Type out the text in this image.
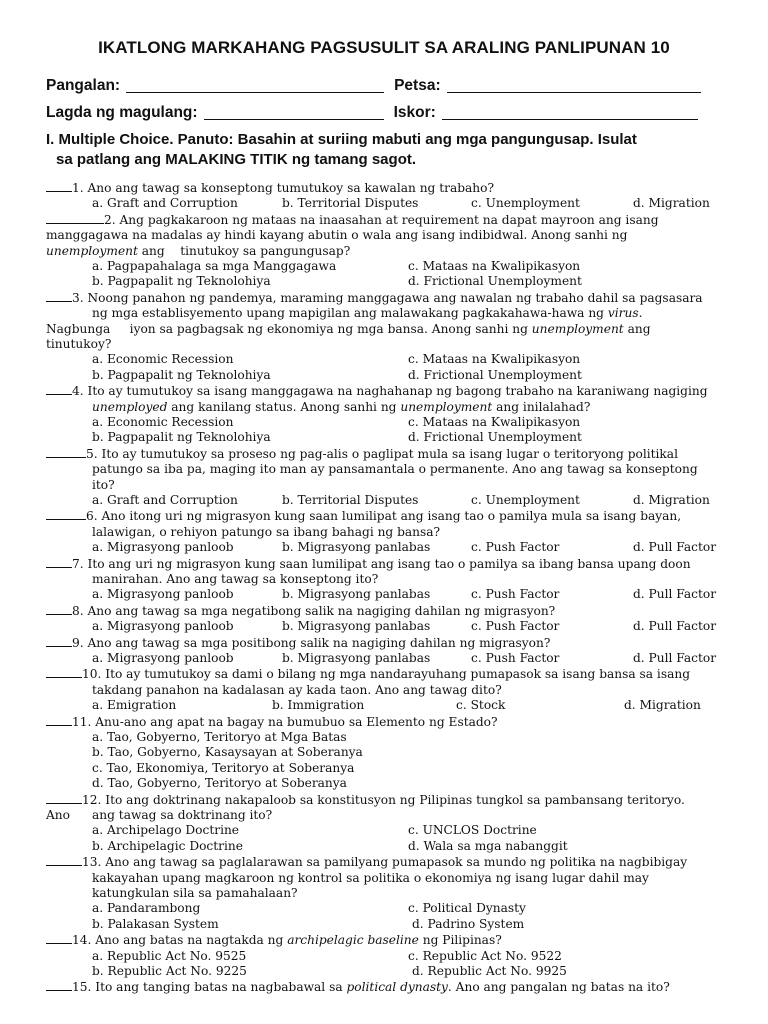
IKATLONG MARKAHANG PAGSUSULIT SA ARALING PANLIPUNAN 10
Pangalan:	Petsa:
Lagda ng magulang:	Iskor:
I. Multiple Choice. Panuto: Basahin at suriing mabuti ang mga pangungusap. Isulat
sa patlang ang MALAKING TITIK ng tamang sagot.
1. Ano ang tawag sa konseptong tumutukoy sa kawalan ng trabaho?
a. Graft and Corruption	b. Territorial Disputes	c. Unemployment	d. Migration
2. Ang pagkakaroon ng mataas na inaasahan at requirement na dapat mayroon ang isang
manggagawa na madalas ay hindi kayang abutin o wala ang isang indibidwal. Anong sanhi ng
unemployment ang    tinutukoy sa pangungusap?
a. Pagpapahalaga sa mga Manggagawa	c. Mataas na Kwalipikasyon
b. Pagpapalit ng Teknolohiya	d. Frictional Unemployment
3. Noong panahon ng pandemya, maraming manggagawa ang nawalan ng trabaho dahil sa pagsasara
ng mga establisyemento upang mapigilan ang malawakang pagkakahawa-hawa ng virus.
Nagbunga     iyon sa pagbagsak ng ekonomiya ng mga bansa. Anong sanhi ng unemployment ang
tinutukoy?
a. Economic Recession	c. Mataas na Kwalipikasyon
b. Pagpapalit ng Teknolohiya	d. Frictional Unemployment
4. Ito ay tumutukoy sa isang manggagawa na naghahanap ng bagong trabaho na karaniwang nagiging
unemployed ang kanilang status. Anong sanhi ng unemployment ang inilalahad?
a. Economic Recession	c. Mataas na Kwalipikasyon
b. Pagpapalit ng Teknolohiya	d. Frictional Unemployment
5. Ito ay tumutukoy sa proseso ng pag-alis o paglipat mula sa isang lugar o teritoryong politikal
patungo sa iba pa, maging ito man ay pansamantala o permanente. Ano ang tawag sa konseptong
ito?
a. Graft and Corruption	b. Territorial Disputes	c. Unemployment	d. Migration
6. Ano itong uri ng migrasyon kung saan lumilipat ang isang tao o pamilya mula sa isang bayan,
lalawigan, o rehiyon patungo sa ibang bahagi ng bansa?
a. Migrasyong panloob	b. Migrasyong panlabas	c. Push Factor	d. Pull Factor
7. Ito ang uri ng migrasyon kung saan lumilipat ang isang tao o pamilya sa ibang bansa upang doon
manirahan. Ano ang tawag sa konseptong ito?
a. Migrasyong panloob	b. Migrasyong panlabas	c. Push Factor	d. Pull Factor
8. Ano ang tawag sa mga negatibong salik na nagiging dahilan ng migrasyon?
a. Migrasyong panloob	b. Migrasyong panlabas	c. Push Factor	d. Pull Factor
9. Ano ang tawag sa mga positibong salik na nagiging dahilan ng migrasyon?
a. Migrasyong panloob	b. Migrasyong panlabas	c. Push Factor	d. Pull Factor
10. Ito ay tumutukoy sa dami o bilang ng mga nandarayuhang pumapasok sa isang bansa sa isang
takdang panahon na kadalasan ay kada taon. Ano ang tawag dito?
a. Emigration	b. Immigration	c. Stock	d. Migration
11. Anu-ano ang apat na bagay na bumubuo sa Elemento ng Estado?
a. Tao, Gobyerno, Teritoryo at Mga Batas
b. Tao, Gobyerno, Kasaysayan at Soberanya
c. Tao, Ekonomiya, Teritoryo at Soberanya
d. Tao, Gobyerno, Teritoryo at Soberanya
12. Ito ang doktrinang nakapaloob sa konstitusyon ng Pilipinas tungkol sa pambansang teritoryo.
Ano ang tawag sa doktrinang ito?
a. Archipelago Doctrine	c. UNCLOS Doctrine
b. Archipelagic Doctrine	d. Wala sa mga nabanggit
13. Ano ang tawag sa paglalarawan sa pamilyang pumapasok sa mundo ng politika na nagbibigay
kakayahan upang magkaroon ng kontrol sa politika o ekonomiya ng isang lugar dahil may
katungkulan sila sa pamahalaan?
a. Pandarambong	c. Political Dynasty
b. Palakasan System	d. Padrino System
14. Ano ang batas na nagtakda ng archipelagic baseline ng Pilipinas?
a. Republic Act No. 9525	c. Republic Act No. 9522
b. Republic Act No. 9225	d. Republic Act No. 9925
15. Ito ang tanging batas na nagbabawal sa political dynasty. Ano ang pangalan ng batas na ito?
